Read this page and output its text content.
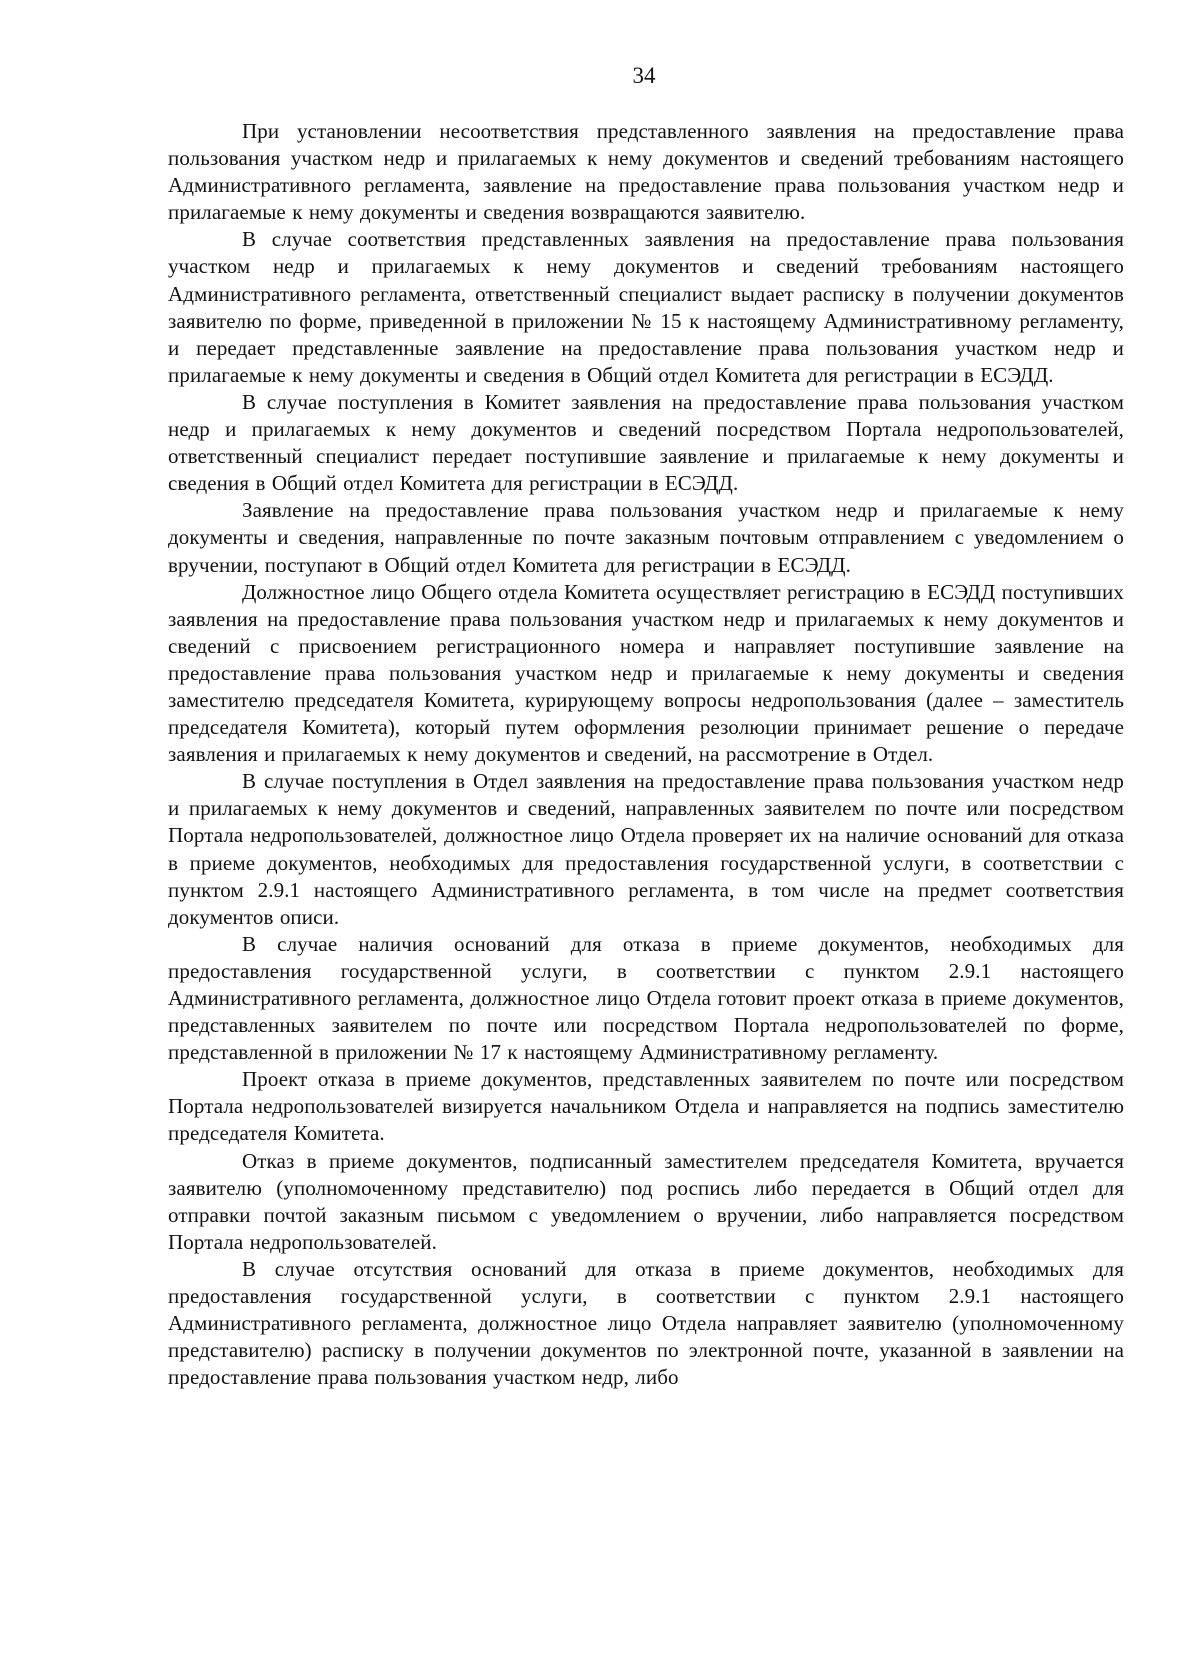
34

При установлении несоответствия представленного заявления на предоставление права пользования участком недр и прилагаемых к нему документов и сведений требованиям настоящего Административного регламента, заявление на предоставление права пользования участком недр и прилагаемые к нему документы и сведения возвращаются заявителю.

В случае соответствия представленных заявления на предоставление права пользования участком недр и прилагаемых к нему документов и сведений требованиям настоящего Административного регламента, ответственный специалист выдает расписку в получении документов заявителю по форме, приведенной в приложении № 15 к настоящему Административному регламенту, и передает представленные заявление на предоставление права пользования участком недр и прилагаемые к нему документы и сведения в Общий отдел Комитета для регистрации в ЕСЭДД.

В случае поступления в Комитет заявления на предоставление права пользования участком недр и прилагаемых к нему документов и сведений посредством Портала недропользователей, ответственный специалист передает поступившие заявление и прилагаемые к нему документы и сведения в Общий отдел Комитета для регистрации в ЕСЭДД.

Заявление на предоставление права пользования участком недр и прилагаемые к нему документы и сведения, направленные по почте заказным почтовым отправлением с уведомлением о вручении, поступают в Общий отдел Комитета для регистрации в ЕСЭДД.

Должностное лицо Общего отдела Комитета осуществляет регистрацию в ЕСЭДД поступивших заявления на предоставление права пользования участком недр и прилагаемых к нему документов и сведений с присвоением регистрационного номера и направляет поступившие заявление на предоставление права пользования участком недр и прилагаемые к нему документы и сведения заместителю председателя Комитета, курирующему вопросы недропользования (далее – заместитель председателя Комитета), который путем оформления резолюции принимает решение о передаче заявления и прилагаемых к нему документов и сведений, на рассмотрение в Отдел.

В случае поступления в Отдел заявления на предоставление права пользования участком недр и прилагаемых к нему документов и сведений, направленных заявителем по почте или посредством Портала недропользователей, должностное лицо Отдела проверяет их на наличие оснований для отказа в приеме документов, необходимых для предоставления государственной услуги, в соответствии с пунктом 2.9.1 настоящего Административного регламента, в том числе на предмет соответствия документов описи.

В случае наличия оснований для отказа в приеме документов, необходимых для предоставления государственной услуги, в соответствии с пунктом 2.9.1 настоящего Административного регламента, должностное лицо Отдела готовит проект отказа в приеме документов, представленных заявителем по почте или посредством Портала недропользователей по форме, представленной в приложении № 17 к настоящему Административному регламенту.

Проект отказа в приеме документов, представленных заявителем по почте или посредством Портала недропользователей визируется начальником Отдела и направляется на подпись заместителю председателя Комитета.

Отказ в приеме документов, подписанный заместителем председателя Комитета, вручается заявителю (уполномоченному представителю) под роспись либо передается в Общий отдел для отправки почтой заказным письмом с уведомлением о вручении, либо направляется посредством Портала недропользователей.

В случае отсутствия оснований для отказа в приеме документов, необходимых для предоставления государственной услуги, в соответствии с пунктом 2.9.1 настоящего Административного регламента, должностное лицо Отдела направляет заявителю (уполномоченному представителю) расписку в получении документов по электронной почте, указанной в заявлении на предоставление права пользования участком недр, либо
